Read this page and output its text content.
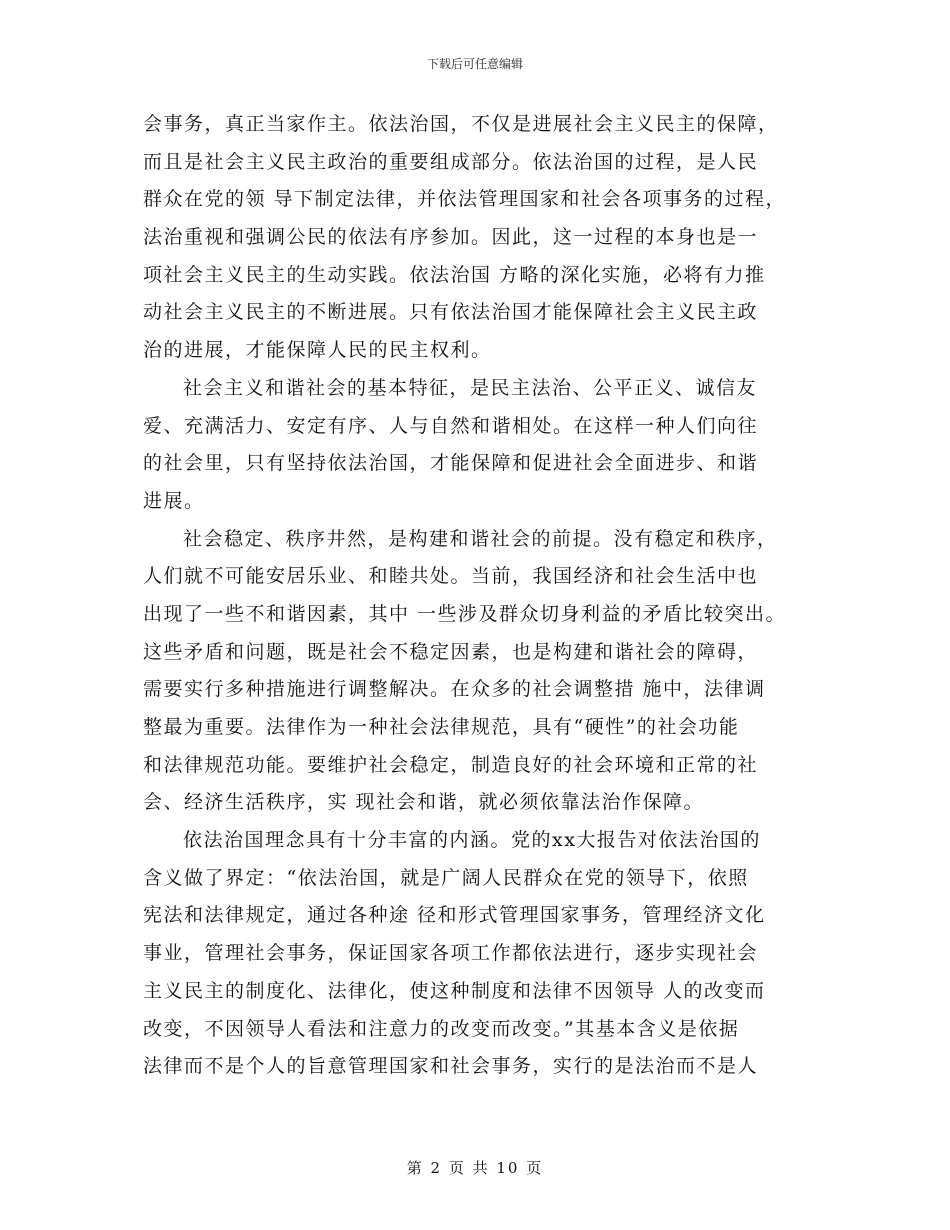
下载后可任意编辑
会事务，真正当家作主。依法治国，不仅是进展社会主义民主的保障，
而且是社会主义民主政治的重要组成部分。依法治国的过程，是人民
群众在党的领 导下制定法律，并依法管理国家和社会各项事务的过程，
法治重视和强调公民的依法有序参加。因此，这一过程的本身也是一
项社会主义民主的生动实践。依法治国 方略的深化实施，必将有力推
动社会主义民主的不断进展。只有依法治国才能保障社会主义民主政
治的进展，才能保障人民的民主权利。
社会主义和谐社会的基本特征，是民主法治、公平正义、诚信友
爱、充满活力、安定有序、人与自然和谐相处。在这样一种人们向往
的社会里，只有坚持依法治国，才能保障和促进社会全面进步、和谐
进展。
社会稳定、秩序井然，是构建和谐社会的前提。没有稳定和秩序，
人们就不可能安居乐业、和睦共处。当前，我国经济和社会生活中也
出现了一些不和谐因素，其中 一些涉及群众切身利益的矛盾比较突出。
这些矛盾和问题，既是社会不稳定因素，也是构建和谐社会的障碍，
需要实行多种措施进行调整解决。在众多的社会调整措 施中，法律调
整最为重要。法律作为一种社会法律规范，具有“硬性”的社会功能
和法律规范功能。要维护社会稳定，制造良好的社会环境和正常的社
会、经济生活秩序，实 现社会和谐，就必须依靠法治作保障。
依法治国理念具有十分丰富的内涵。党的xx大报告对依法治国的
含义做了界定：“依法治国，就是广阔人民群众在党的领导下，依照
宪法和法律规定，通过各种途 径和形式管理国家事务，管理经济文化
事业，管理社会事务，保证国家各项工作都依法进行，逐步实现社会
主义民主的制度化、法律化，使这种制度和法律不因领导 人的改变而
改变，不因领导人看法和注意力的改变而改变。”其基本含义是依据
法律而不是个人的旨意管理国家和社会事务，实行的是法治而不是人
第 2 页 共 10 页
